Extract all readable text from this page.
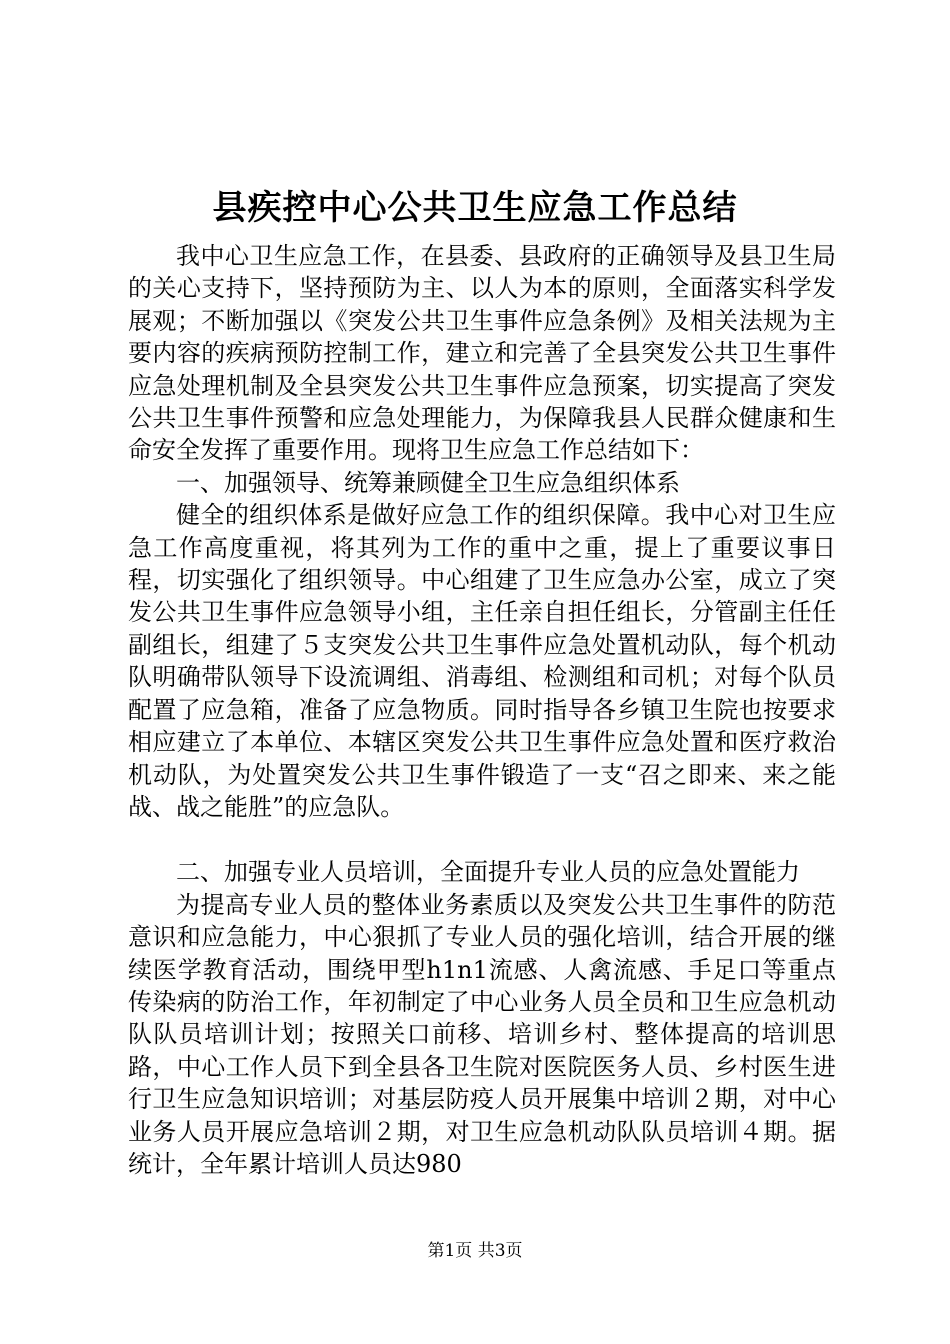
县疾控中心公共卫生应急工作总结

我中心卫生应急工作，在县委、县政府的正确领导及县卫生局的关心支持下，坚持预防为主、以人为本的原则，全面落实科学发展观；不断加强以《突发公共卫生事件应急条例》及相关法规为主要内容的疾病预防控制工作，建立和完善了全县突发公共卫生事件应急处理机制及全县突发公共卫生事件应急预案，切实提高了突发公共卫生事件预警和应急处理能力，为保障我县人民群众健康和生命安全发挥了重要作用。现将卫生应急工作总结如下：

一、加强领导、统筹兼顾健全卫生应急组织体系

健全的组织体系是做好应急工作的组织保障。我中心对卫生应急工作高度重视，将其列为工作的重中之重，提上了重要议事日程，切实强化了组织领导。中心组建了卫生应急办公室，成立了突发公共卫生事件应急领导小组，主任亲自担任组长，分管副主任任副组长，组建了５支突发公共卫生事件应急处置机动队，每个机动队明确带队领导下设流调组、消毒组、检测组和司机；对每个队员配置了应急箱，准备了应急物质。同时指导各乡镇卫生院也按要求相应建立了本单位、本辖区突发公共卫生事件应急处置和医疗救治机动队，为处置突发公共卫生事件锻造了一支“召之即来、来之能战、战之能胜”的应急队。

二、加强专业人员培训，全面提升专业人员的应急处置能力

为提高专业人员的整体业务素质以及突发公共卫生事件的防范意识和应急能力，中心狠抓了专业人员的强化培训，结合开展的继续医学教育活动，围绕甲型h1n1流感、人禽流感、手足口等重点传染病的防治工作，年初制定了中心业务人员全员和卫生应急机动队队员培训计划；按照关口前移、培训乡村、整体提高的培训思路，中心工作人员下到全县各卫生院对医院医务人员、乡村医生进行卫生应急知识培训；对基层防疫人员开展集中培训２期，对中心业务人员开展应急培训２期，对卫生应急机动队队员培训４期。据统计，全年累计培训人员达980

第1页 共3页
